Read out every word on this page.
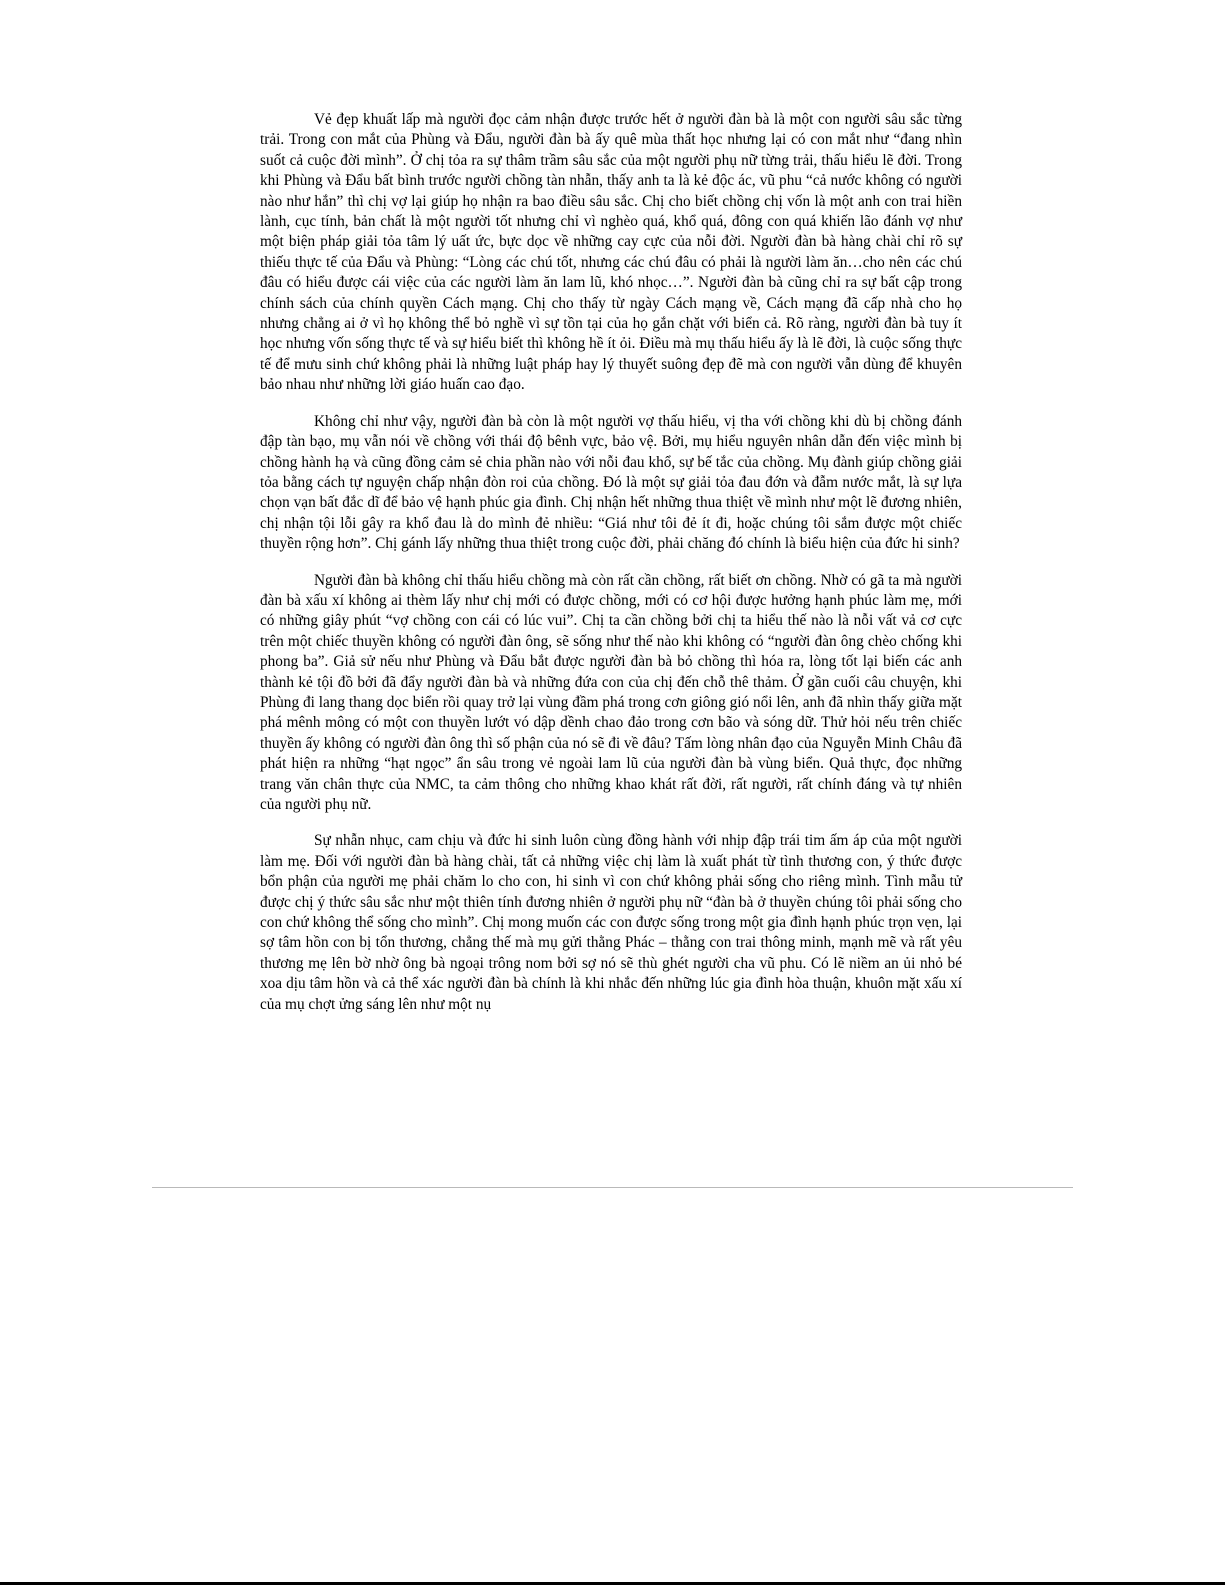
Vẻ đẹp khuất lấp mà người đọc cảm nhận được trước hết ở người đàn bà là một con người sâu sắc từng trải. Trong con mắt của Phùng và Đẩu, người đàn bà ấy quê mùa thất học nhưng lại có con mắt như “đang nhìn suốt cả cuộc đời mình”. Ở chị tỏa ra sự thâm trầm sâu sắc của một người phụ nữ từng trải, thấu hiểu lẽ đời. Trong khi Phùng và Đẩu bất bình trước người chồng tàn nhẫn, thấy anh ta là kẻ độc ác, vũ phu “cả nước không có người nào như hắn” thì chị vợ lại giúp họ nhận ra bao điều sâu sắc. Chị cho biết chồng chị vốn là một anh con trai hiền lành, cục tính, bản chất là một người tốt nhưng chỉ vì nghèo quá, khổ quá, đông con quá khiến lão đánh vợ như một biện pháp giải tỏa tâm lý uất ức, bực dọc về những cay cực của nỗi đời. Người đàn bà hàng chài chỉ rõ sự thiếu thực tế của Đẩu và Phùng: “Lòng các chú tốt, nhưng các chú đâu có phải là người làm ăn…cho nên các chú đâu có hiểu được cái việc của các người làm ăn lam lũ, khó nhọc…”. Người đàn bà cũng chỉ ra sự bất cập trong chính sách của chính quyền Cách mạng. Chị cho thấy từ ngày Cách mạng về, Cách mạng đã cấp nhà cho họ nhưng chẳng ai ở vì họ không thể bỏ nghề vì sự tồn tại của họ gắn chặt với biển cả. Rõ ràng, người đàn bà tuy ít học nhưng vốn sống thực tế và sự hiểu biết thì không hề ít ỏi. Điều mà mụ thấu hiểu ấy là lẽ đời, là cuộc sống thực tế để mưu sinh chứ không phải là những luật pháp hay lý thuyết suông đẹp đẽ mà con người vẫn dùng để khuyên bảo nhau như những lời giáo huấn cao đạo.

Không chỉ như vậy, người đàn bà còn là một người vợ thấu hiểu, vị tha với chồng khi dù bị chồng đánh đập tàn bạo, mụ vẫn nói về chồng với thái độ bênh vực, bảo vệ. Bởi, mụ hiểu nguyên nhân dẫn đến việc mình bị chồng hành hạ và cũng đồng cảm sẻ chia phần nào với nỗi đau khổ, sự bế tắc của chồng. Mụ đành giúp chồng giải tỏa bằng cách tự nguyện chấp nhận đòn roi của chồng. Đó là một sự giải tỏa đau đớn và đẫm nước mắt, là sự lựa chọn vạn bất đắc dĩ để bảo vệ hạnh phúc gia đình. Chị nhận hết những thua thiệt về mình như một lẽ đương nhiên, chị nhận tội lỗi gây ra khổ đau là do mình đẻ nhiều: “Giá như tôi đẻ ít đi, hoặc chúng tôi sắm được một chiếc thuyền rộng hơn”. Chị gánh lấy những thua thiệt trong cuộc đời, phải chăng đó chính là biểu hiện của đức hi sinh?

Người đàn bà không chỉ thấu hiểu chồng mà còn rất cần chồng, rất biết ơn chồng. Nhờ có gã ta mà người đàn bà xấu xí không ai thèm lấy như chị mới có được chồng, mới có cơ hội được hưởng hạnh phúc làm mẹ, mới có những giây phút “vợ chồng con cái có lúc vui”. Chị ta cần chồng bởi chị ta hiểu thế nào là nỗi vất vả cơ cực trên một chiếc thuyền không có người đàn ông, sẽ sống như thế nào khi không có “người đàn ông chèo chống khi phong ba”. Giả sử nếu như Phùng và Đẩu bắt được người đàn bà bỏ chồng thì hóa ra, lòng tốt lại biến các anh thành kẻ tội đồ bởi đã đẩy người đàn bà và những đứa con của chị đến chỗ thê thảm. Ở gần cuối câu chuyện, khi Phùng đi lang thang dọc biển rồi quay trở lại vùng đầm phá trong cơn giông gió nổi lên, anh đã nhìn thấy giữa mặt phá mênh mông có một con thuyền lướt vó dập dềnh chao đảo trong cơn bão và sóng dữ. Thử hỏi nếu trên chiếc thuyền ấy không có người đàn ông thì số phận của nó sẽ đi về đâu? Tấm lòng nhân đạo của Nguyễn Minh Châu đã phát hiện ra những “hạt ngọc” ẩn sâu trong vẻ ngoài lam lũ của người đàn bà vùng biển. Quả thực, đọc những trang văn chân thực của NMC, ta cảm thông cho những khao khát rất đời, rất người, rất chính đáng và tự nhiên của người phụ nữ.

Sự nhẫn nhục, cam chịu và đức hi sinh luôn cùng đồng hành với nhịp đập trái tim ấm áp của một người làm mẹ. Đối với người đàn bà hàng chài, tất cả những việc chị làm là xuất phát từ tình thương con, ý thức được bổn phận của người mẹ phải chăm lo cho con, hi sinh vì con chứ không phải sống cho riêng mình. Tình mẫu tử được chị ý thức sâu sắc như một thiên tính đương nhiên ở người phụ nữ “đàn bà ở thuyền chúng tôi phải sống cho con chứ không thể sống cho mình”. Chị mong muốn các con được sống trong một gia đình hạnh phúc trọn vẹn, lại sợ tâm hồn con bị tổn thương, chẳng thế mà mụ gửi thằng Phác – thằng con trai thông minh, mạnh mẽ và rất yêu thương mẹ lên bờ nhờ ông bà ngoại trông nom bởi sợ nó sẽ thù ghét người cha vũ phu. Có lẽ niềm an ủi nhỏ bé xoa dịu tâm hồn và cả thể xác người đàn bà chính là khi nhắc đến những lúc gia đình hòa thuận, khuôn mặt xấu xí của mụ chợt ửng sáng lên như một nụ
